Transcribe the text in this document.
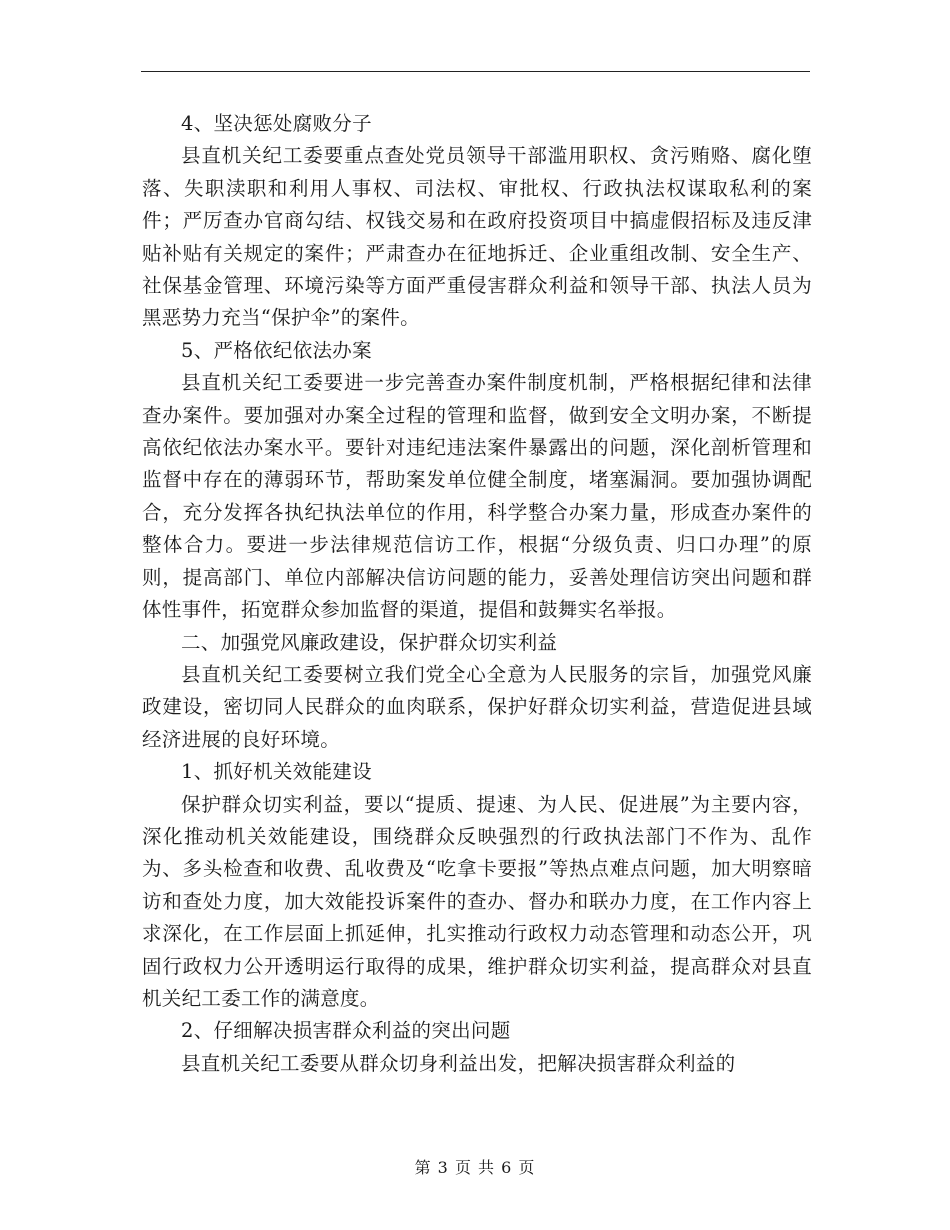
4、坚决惩处腐败分子

县直机关纪工委要重点查处党员领导干部滥用职权、贪污贿赂、腐化堕落、失职渎职和利用人事权、司法权、审批权、行政执法权谋取私利的案件；严厉查办官商勾结、权钱交易和在政府投资项目中搞虚假招标及违反津贴补贴有关规定的案件；严肃查办在征地拆迁、企业重组改制、安全生产、社保基金管理、环境污染等方面严重侵害群众利益和领导干部、执法人员为黑恶势力充当“保护伞”的案件。

5、严格依纪依法办案

县直机关纪工委要进一步完善查办案件制度机制，严格根据纪律和法律查办案件。要加强对办案全过程的管理和监督，做到安全文明办案，不断提高依纪依法办案水平。要针对违纪违法案件暴露出的问题，深化剖析管理和监督中存在的薄弱环节，帮助案发单位健全制度，堵塞漏洞。要加强协调配合，充分发挥各执纪执法单位的作用，科学整合办案力量，形成查办案件的整体合力。要进一步法律规范信访工作，根据“分级负责、归口办理”的原则，提高部门、单位内部解决信访问题的能力，妥善处理信访突出问题和群体性事件，拓宽群众参加监督的渠道，提倡和鼓舞实名举报。

二、加强党风廉政建设，保护群众切实利益

县直机关纪工委要树立我们党全心全意为人民服务的宗旨，加强党风廉政建设，密切同人民群众的血肉联系，保护好群众切实利益，营造促进县域经济进展的良好环境。

1、抓好机关效能建设

保护群众切实利益，要以“提质、提速、为人民、促进展”为主要内容，深化推动机关效能建设，围绕群众反映强烈的行政执法部门不作为、乱作为、多头检查和收费、乱收费及“吃拿卡要报”等热点难点问题，加大明察暗访和查处力度，加大效能投诉案件的查办、督办和联办力度，在工作内容上求深化，在工作层面上抓延伸，扎实推动行政权力动态管理和动态公开，巩固行政权力公开透明运行取得的成果，维护群众切实利益，提高群众对县直机关纪工委工作的满意度。

2、仔细解决损害群众利益的突出问题

县直机关纪工委要从群众切身利益出发，把解决损害群众利益的

第 3 页 共 6 页
